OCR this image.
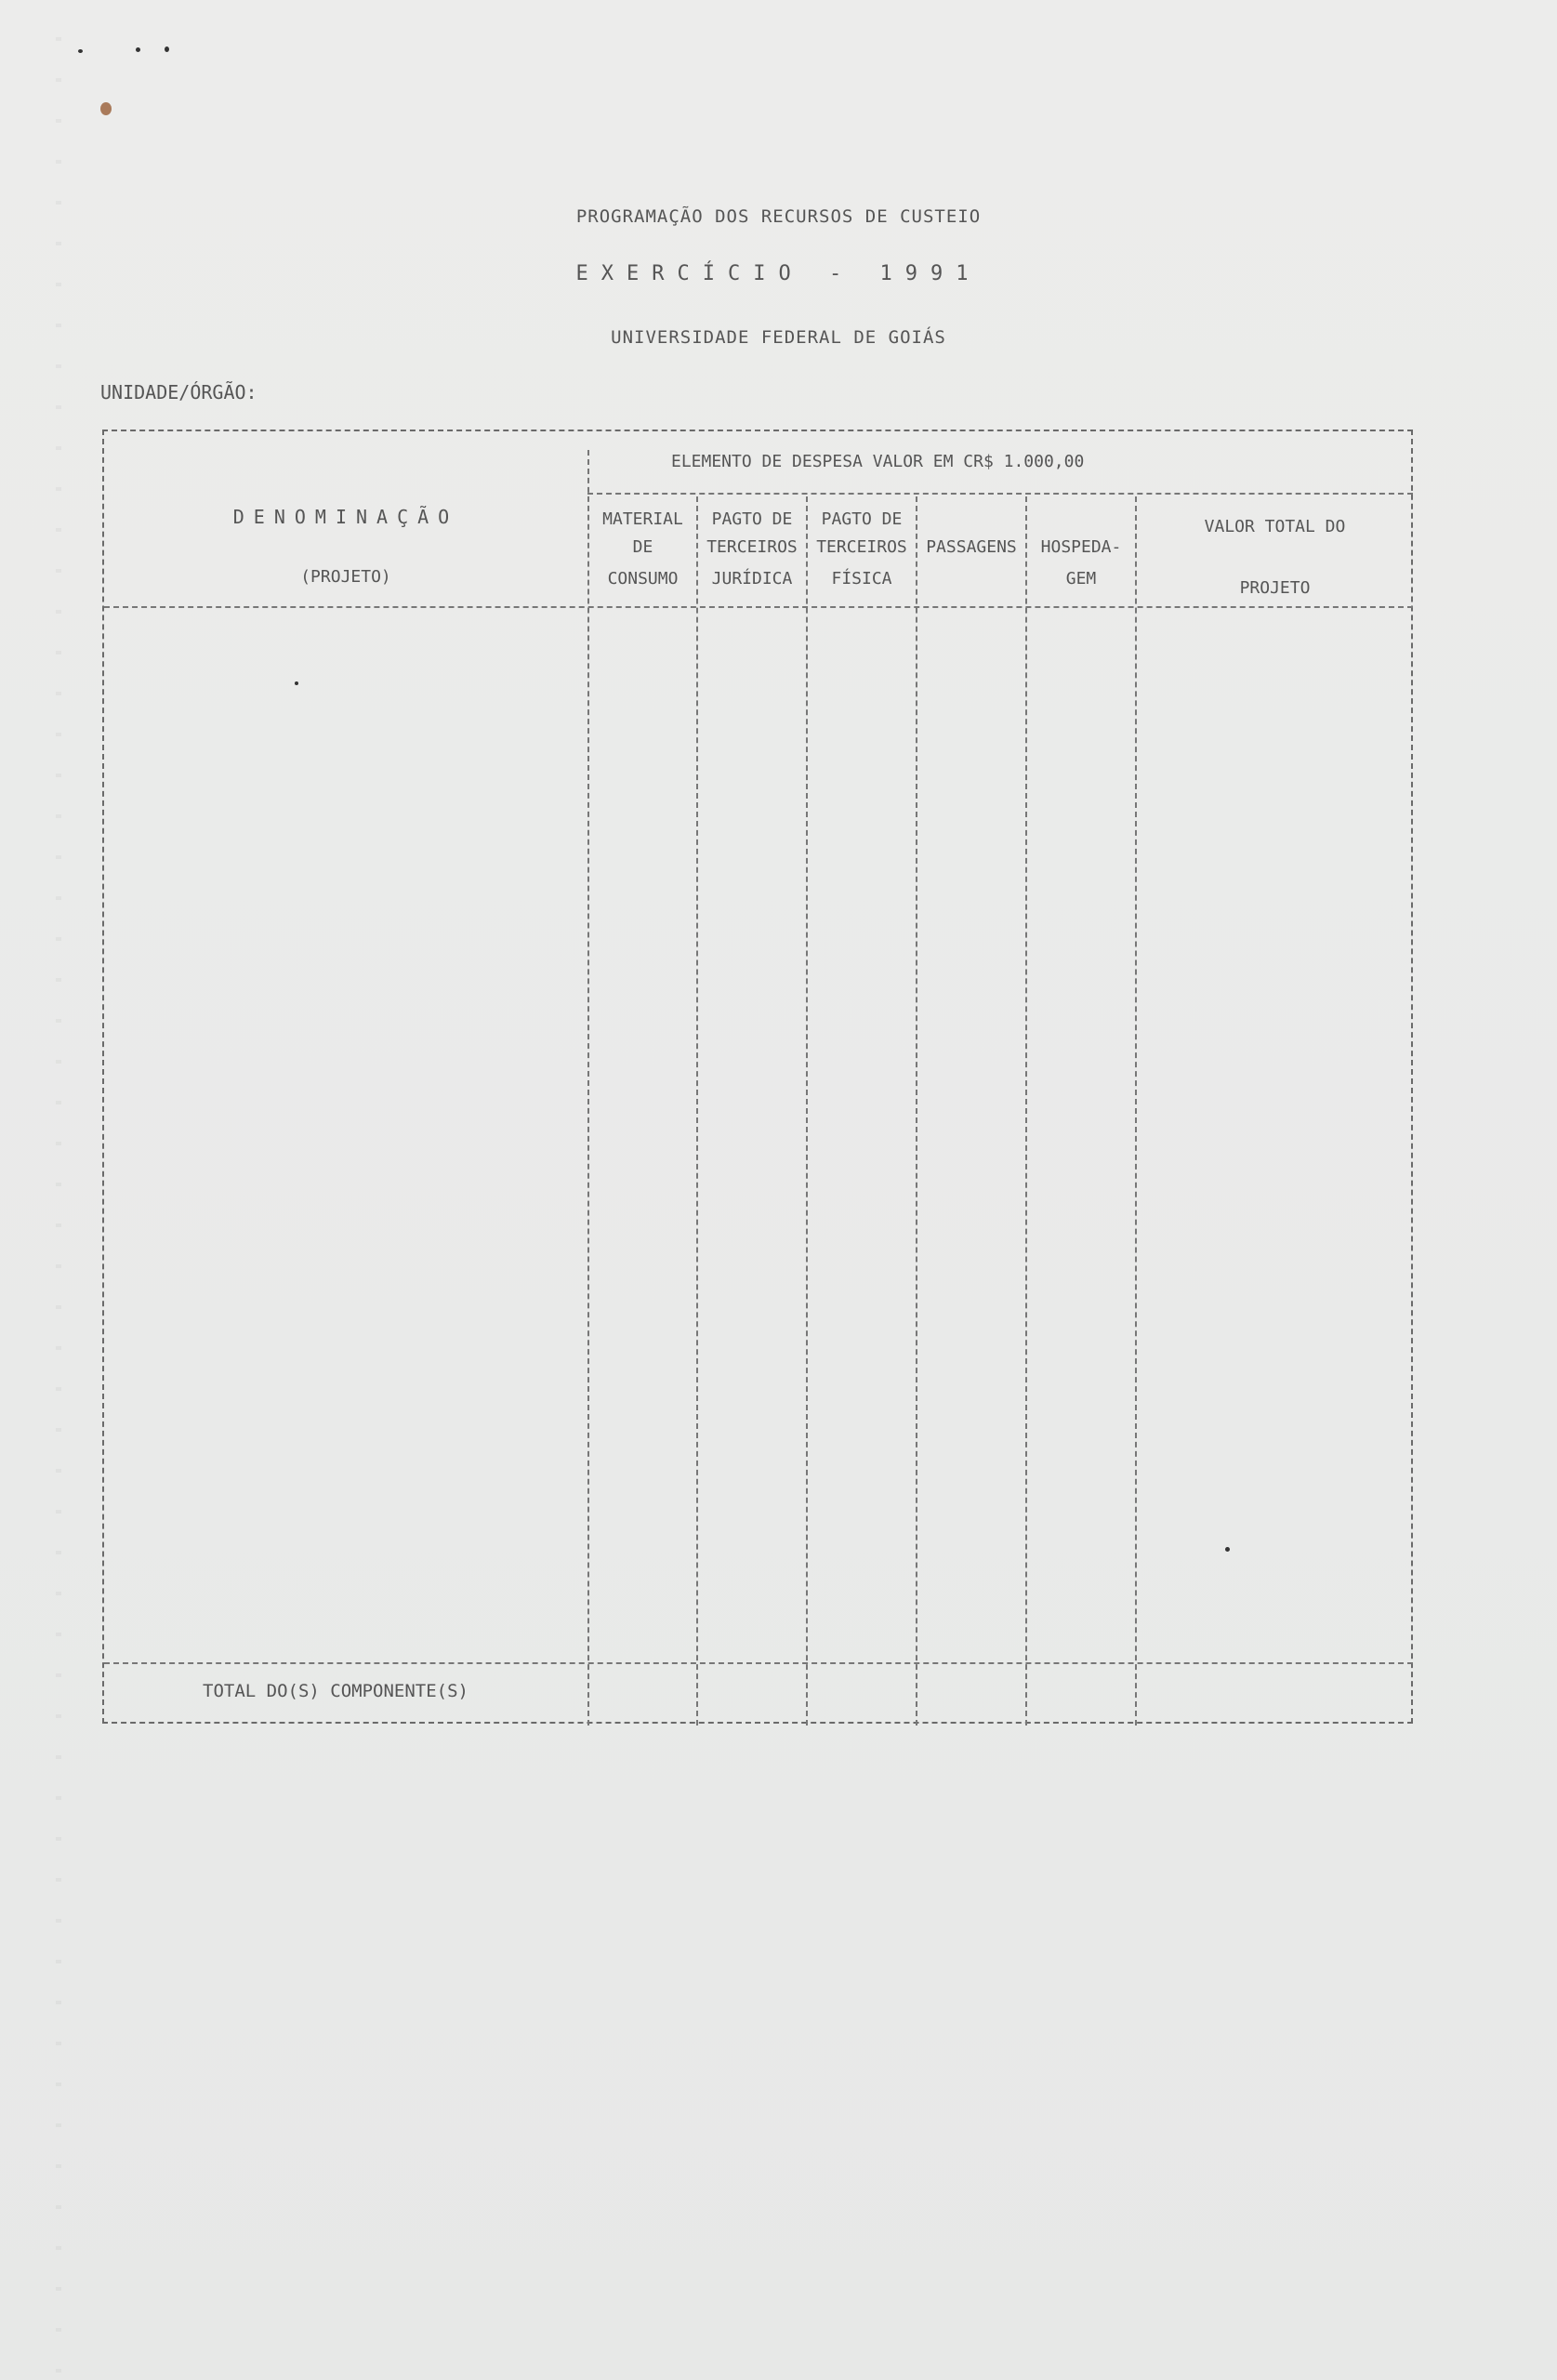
PROGRAMAÇÃO DOS RECURSOS DE CUSTEIO
EXERCÍCIO - 1991
UNIVERSIDADE FEDERAL DE GOIÁS
UNIDADE/ÓRGÃO:
ELEMENTO DE DESPESA VALOR EM CR$ 1.000,00
DENOMINAÇÃO
(PROJETO)
MATERIAL
DE
CONSUMO
PAGTO DE
TERCEIROS
JURÍDICA
PAGTO DE
TERCEIROS
FÍSICA
PASSAGENS	HOSPEDA-
GEM
VALOR TOTAL DO
PROJETO
TOTAL DO(S) COMPONENTE(S)
